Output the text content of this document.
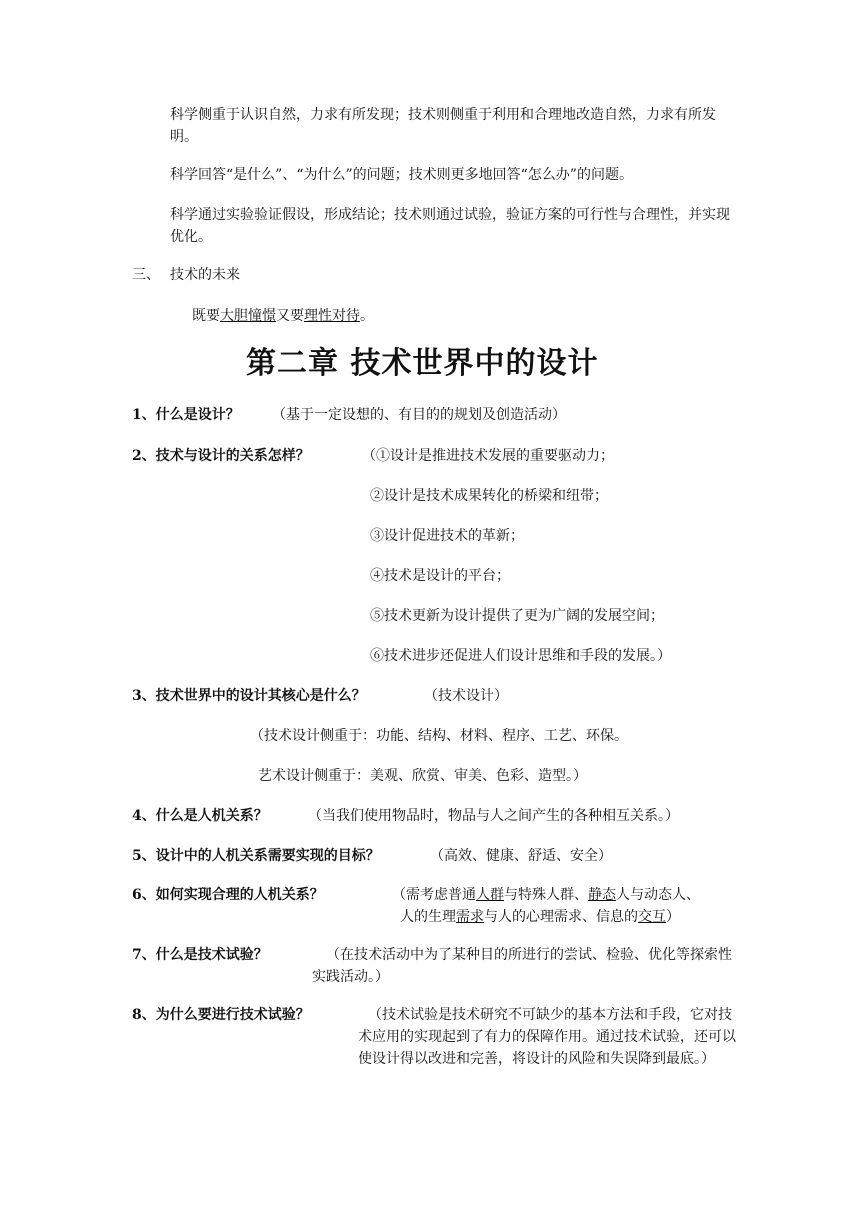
科学侧重于认识自然，力求有所发现；技术则侧重于利用和合理地改造自然，力求有所发明。
科学回答“是什么”、“为什么”的问题；技术则更多地回答“怎么办”的问题。
科学通过实验验证假设，形成结论；技术则通过试验，验证方案的可行性与合理性，并实现优化。
三、 技术的未来
既要大胆憧憬又要理性对待。
第二章 技术世界中的设计
1、什么是设计？ （基于一定设想的、有目的的规划及创造活动）
2、技术与设计的关系怎样？	（①设计是推进技术发展的重要驱动力；
②设计是技术成果转化的桥梁和纽带；
③设计促进技术的革新；
④技术是设计的平台；
⑤技术更新为设计提供了更为广阔的发展空间；
⑥技术进步还促进人们设计思维和手段的发展。）
3、技术世界中的设计其核心是什么？	（技术设计）
（技术设计侧重于：功能、结构、材料、程序、工艺、环保。
艺术设计侧重于：美观、欣赏、审美、色彩、造型。）
4、什么是人机关系？	（当我们使用物品时，物品与人之间产生的各种相互关系。）
5、设计中的人机关系需要实现的目标？	（高效、健康、舒适、安全）
6、如何实现合理的人机关系？	（需考虑普通人群与特殊人群、静态人与动态人、
人的生理需求与人的心理需求、信息的交互）
7、什么是技术试验？	（在技术活动中为了某种目的所进行的尝试、检验、优化等探索性实践活动。）
8、为什么要进行技术试验？	（技术试验是技术研究不可缺少的基本方法和手段，它对技术应用的实现起到了有力的保障作用。通过技术试验，还可以使设计得以改进和完善，将设计的风险和失误降到最底。）
